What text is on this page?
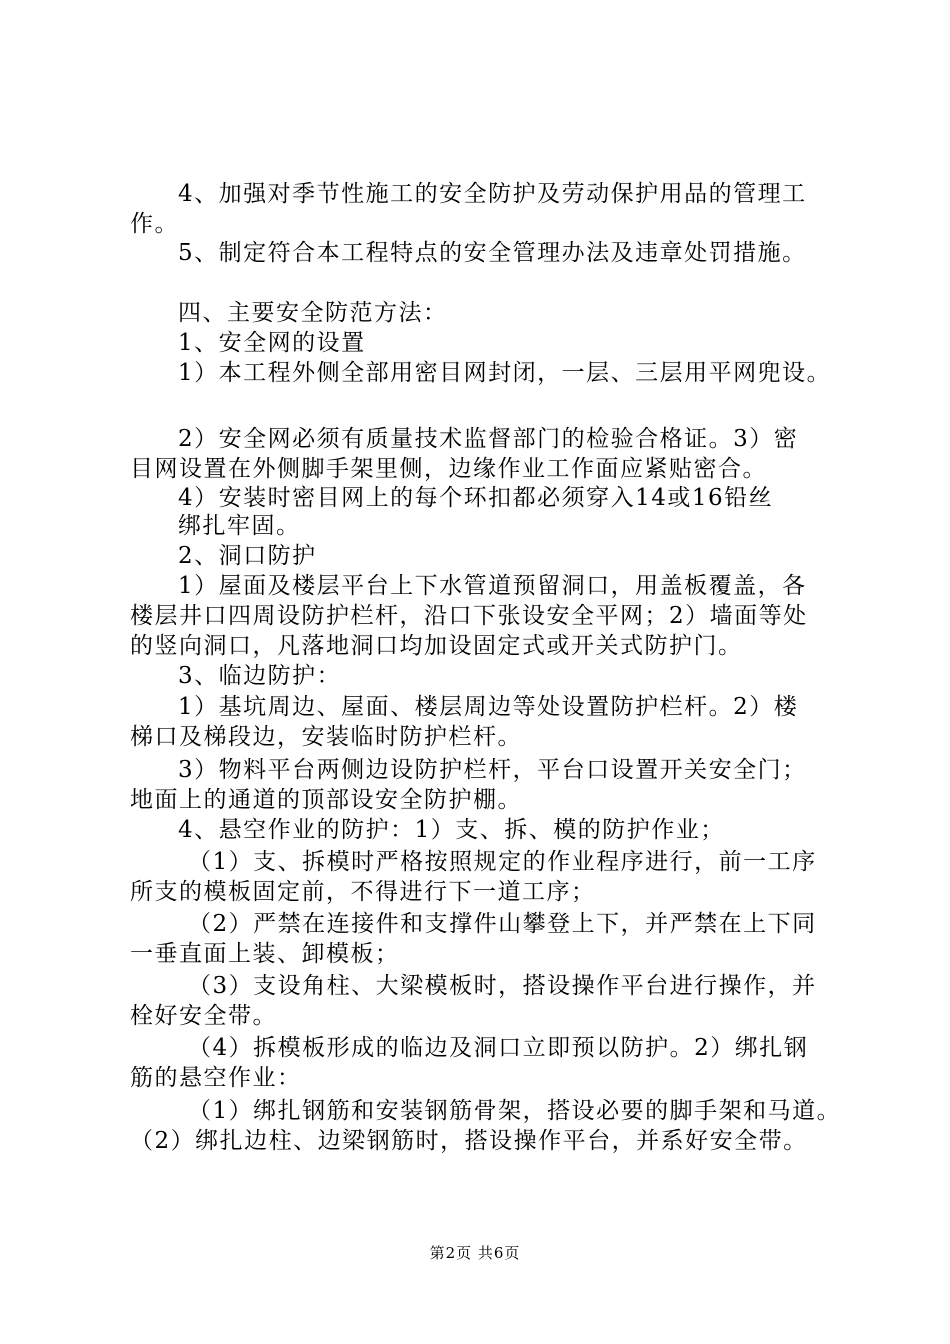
4、加强对季节性施工的安全防护及劳动保护用品的管理工
作。
5、制定符合本工程特点的安全管理办法及违章处罚措施。
四、主要安全防范方法：
1、安全网的设置
1）本工程外侧全部用密目网封闭，一层、三层用平网兜设。
2）安全网必须有质量技术监督部门的检验合格证。3）密
目网设置在外侧脚手架里侧，边缘作业工作面应紧贴密合。
4）安装时密目网上的每个环扣都必须穿入14或16铅丝
绑扎牢固。
2、洞口防护
1）屋面及楼层平台上下水管道预留洞口，用盖板覆盖，各
楼层井口四周设防护栏杆，沿口下张设安全平网；2）墙面等处
的竖向洞口，凡落地洞口均加设固定式或开关式防护门。
3、临边防护：
1）基坑周边、屋面、楼层周边等处设置防护栏杆。2）楼
梯口及梯段边，安装临时防护栏杆。
3）物料平台两侧边设防护栏杆，平台口设置开关安全门；
地面上的通道的顶部设安全防护棚。
4、悬空作业的防护：1）支、拆、模的防护作业；
（1）支、拆模时严格按照规定的作业程序进行，前一工序
所支的模板固定前，不得进行下一道工序；
（2）严禁在连接件和支撑件山攀登上下，并严禁在上下同
一垂直面上装、卸模板；
（3）支设角柱、大梁模板时，搭设操作平台进行操作，并
栓好安全带。
（4）拆模板形成的临边及洞口立即预以防护。2）绑扎钢
筋的悬空作业：
（1）绑扎钢筋和安装钢筋骨架，搭设必要的脚手架和马道。
（2）绑扎边柱、边梁钢筋时，搭设操作平台，并系好安全带。
第2页 共6页
